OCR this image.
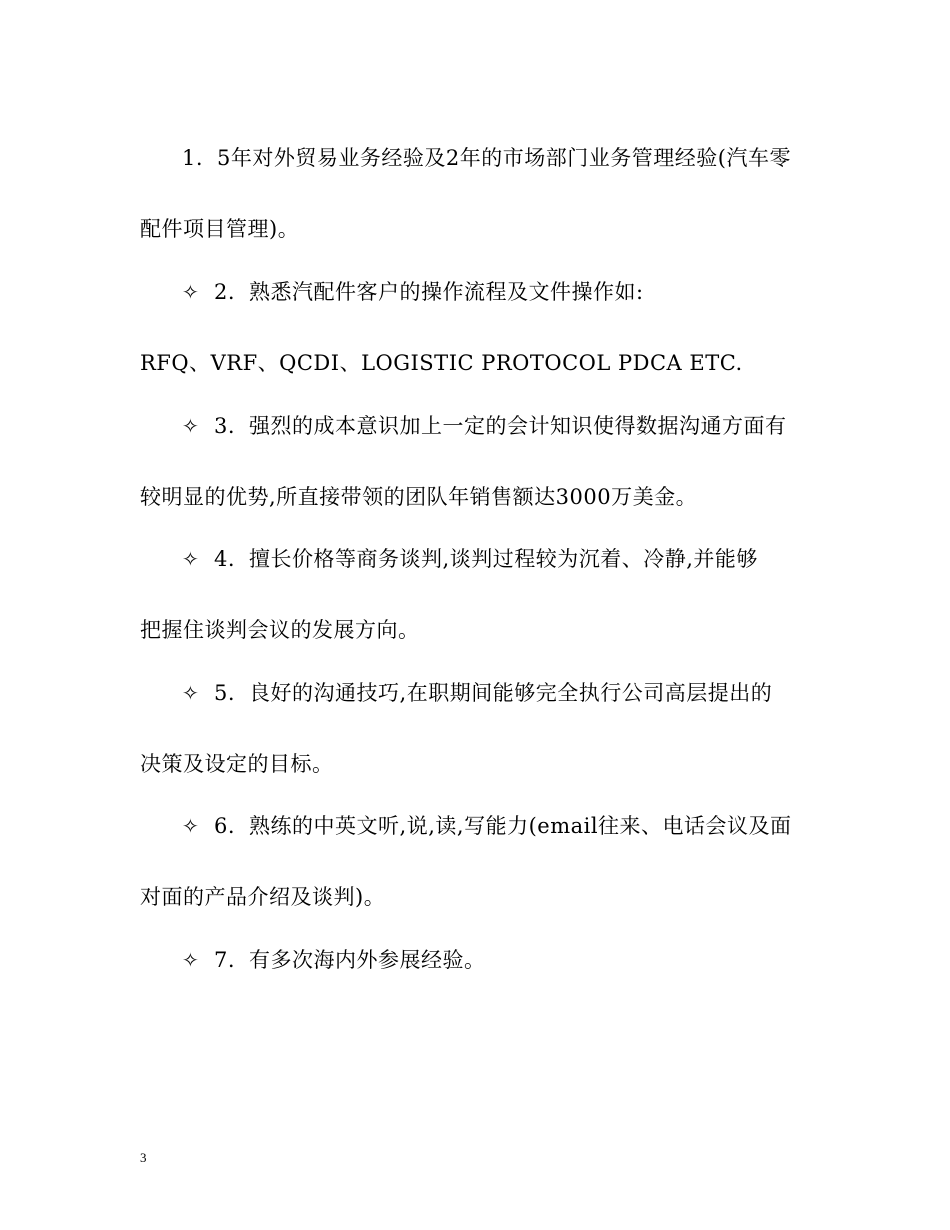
1. 5年对外贸易业务经验及2年的市场部门业务管理经验(汽车零
配件项目管理)。
✧ 2. 熟悉汽配件客户的操作流程及文件操作如:
RFQ、VRF、QCDI、LOGISTIC PROTOCOL PDCA ETC.
✧ 3. 强烈的成本意识加上一定的会计知识使得数据沟通方面有
较明显的优势,所直接带领的团队年销售额达3000万美金。
✧ 4. 擅长价格等商务谈判,谈判过程较为沉着、冷静,并能够
把握住谈判会议的发展方向。
✧ 5. 良好的沟通技巧,在职期间能够完全执行公司高层提出的
决策及设定的目标。
✧ 6. 熟练的中英文听,说,读,写能力(email往来、电话会议及面
对面的产品介绍及谈判)。
✧ 7. 有多次海内外参展经验。
3
